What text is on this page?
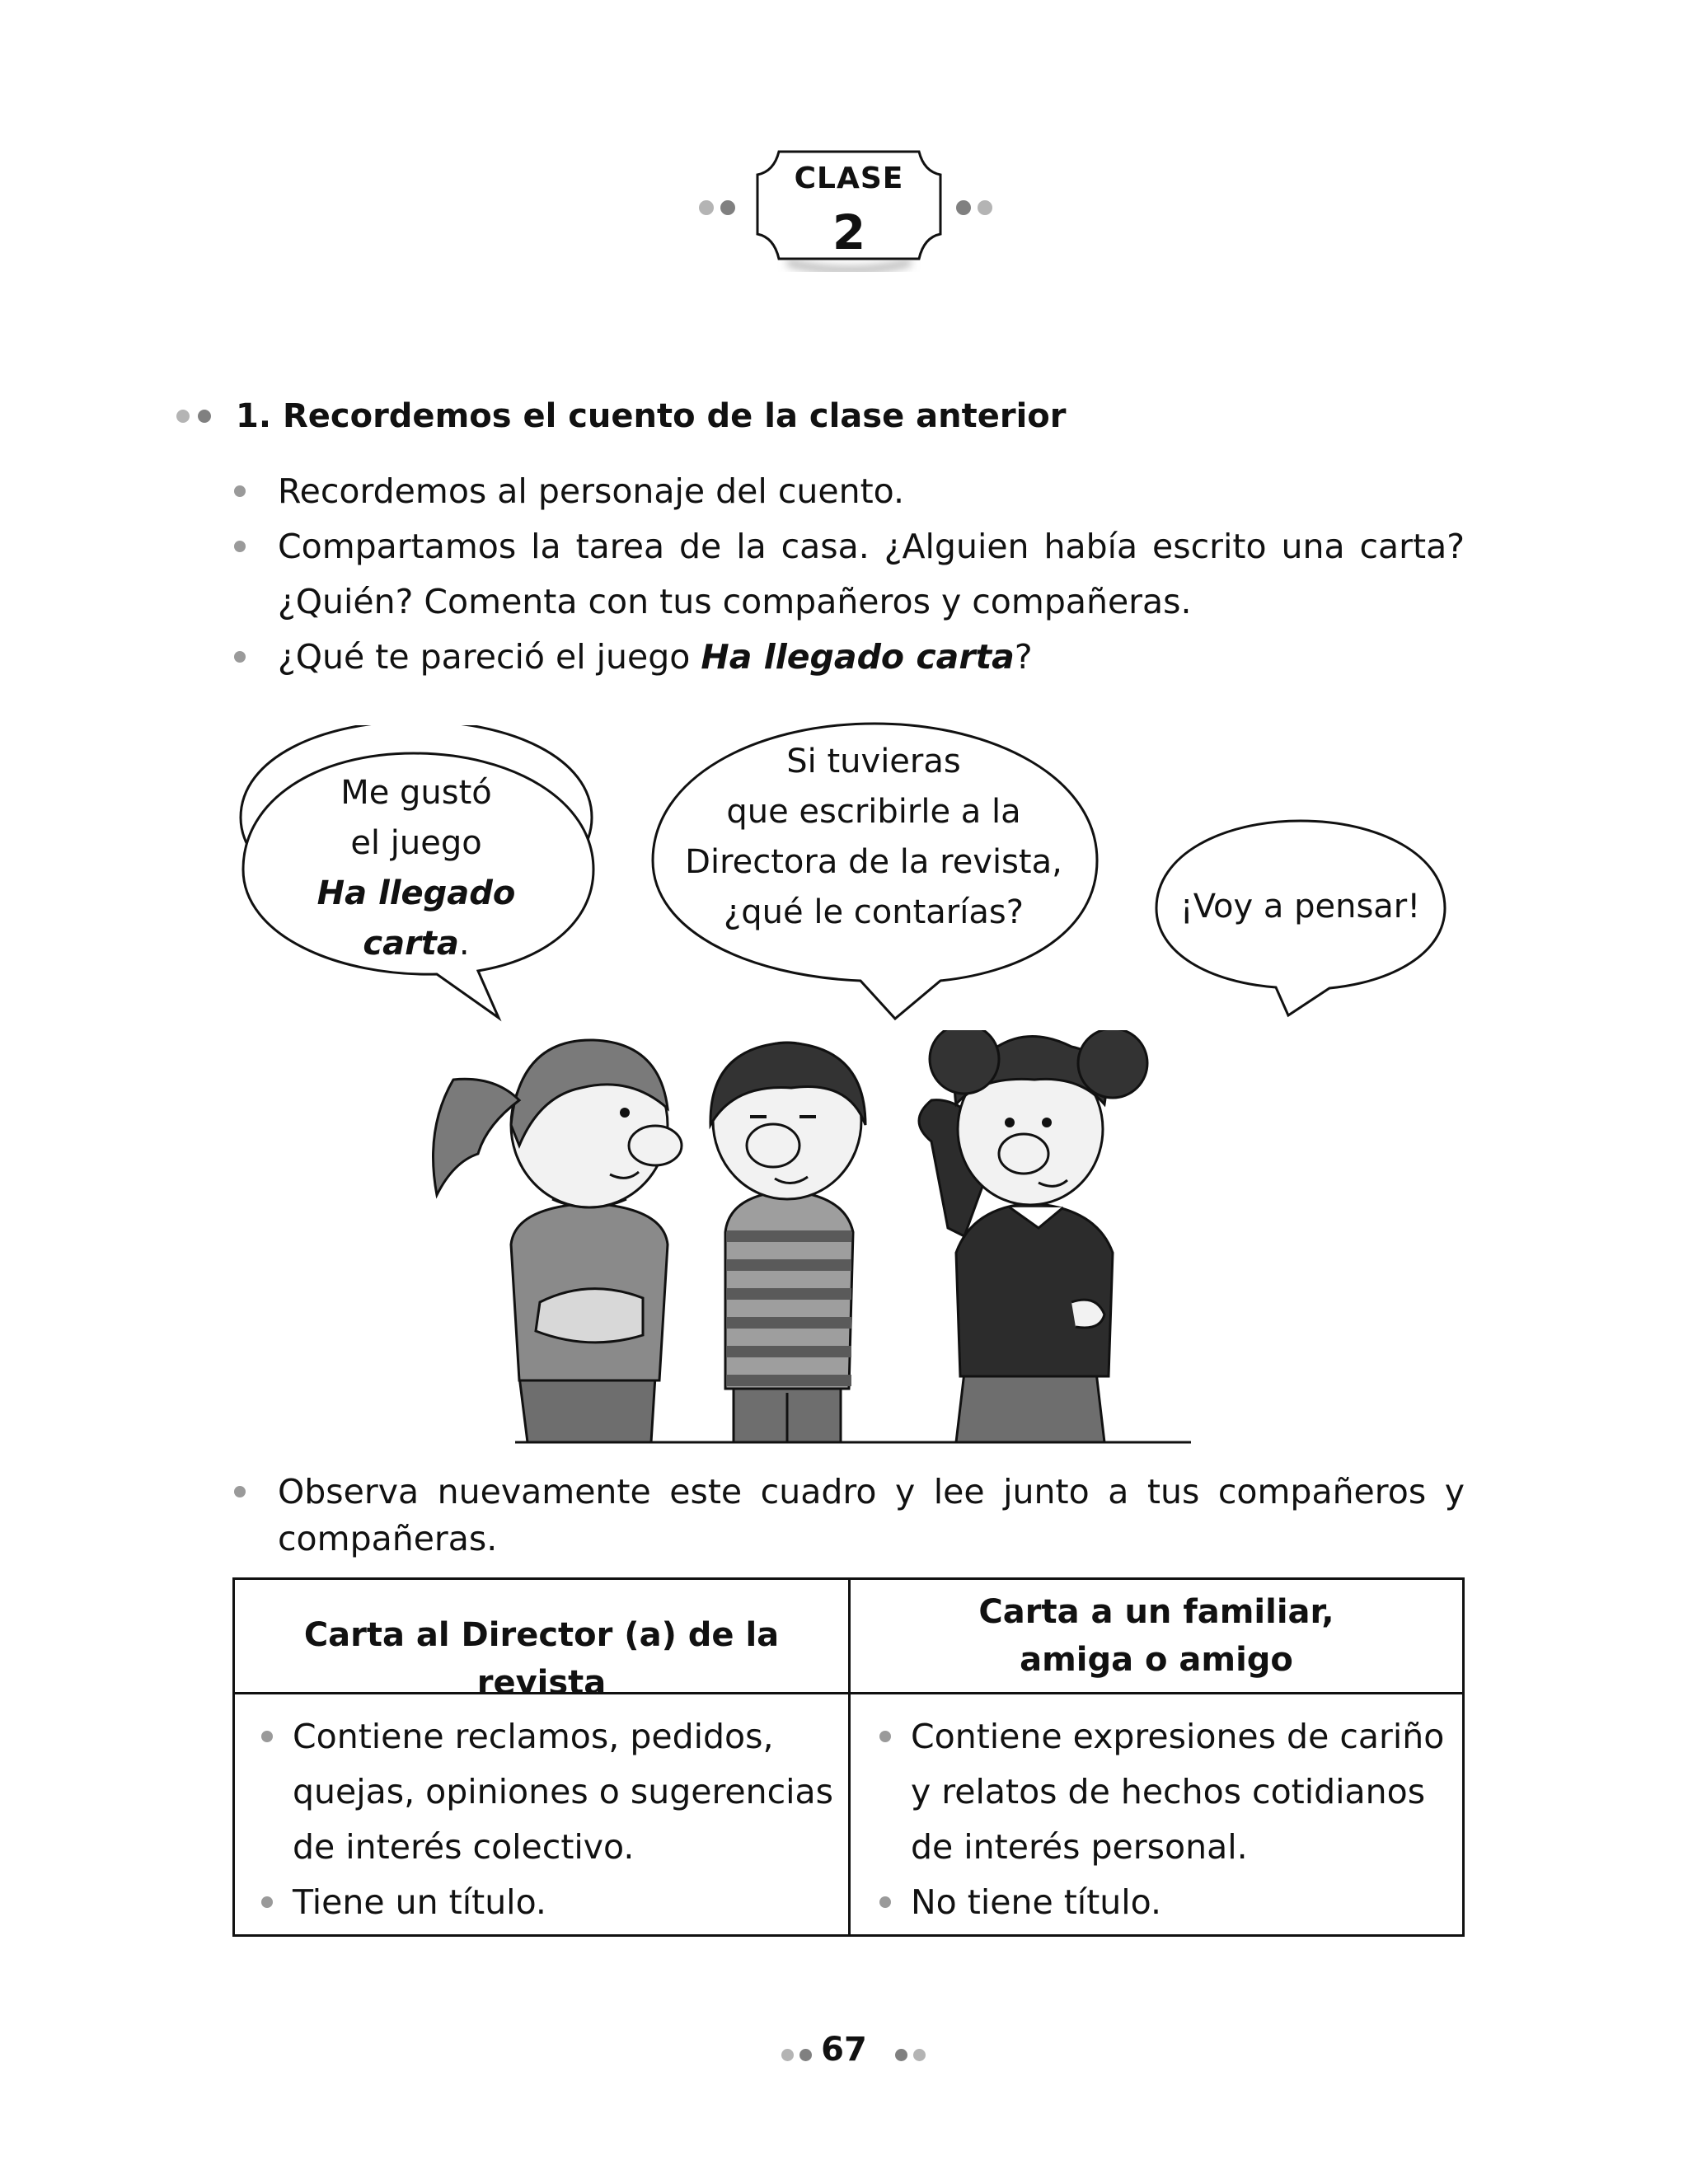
CLASE
2
1. Recordemos el cuento de la clase anterior
Recordemos al personaje del cuento.
Compartamos la tarea de la casa. ¿Alguien había escrito una carta?
¿Quién? Comenta con tus compañeros y compañeras.
¿Qué te pareció el juego Ha llegado carta?
Me gustó
el juego
Ha llegado
carta.
Si tuvieras
que escribirle a la
Directora de la revista,
¿qué le contarías?	¡Voy a pensar!
Observa nuevamente este cuadro y lee junto a tus compañeros y
compañeras.
Carta al Director (a) de la revista
Carta a un familiar,
amiga o amigo
Contiene reclamos, pedidos,
quejas, opiniones o sugerencias
de interés colectivo.
Tiene un título.
Contiene expresiones de cariño
y relatos de hechos cotidianos
de interés personal.
No tiene título.
67
